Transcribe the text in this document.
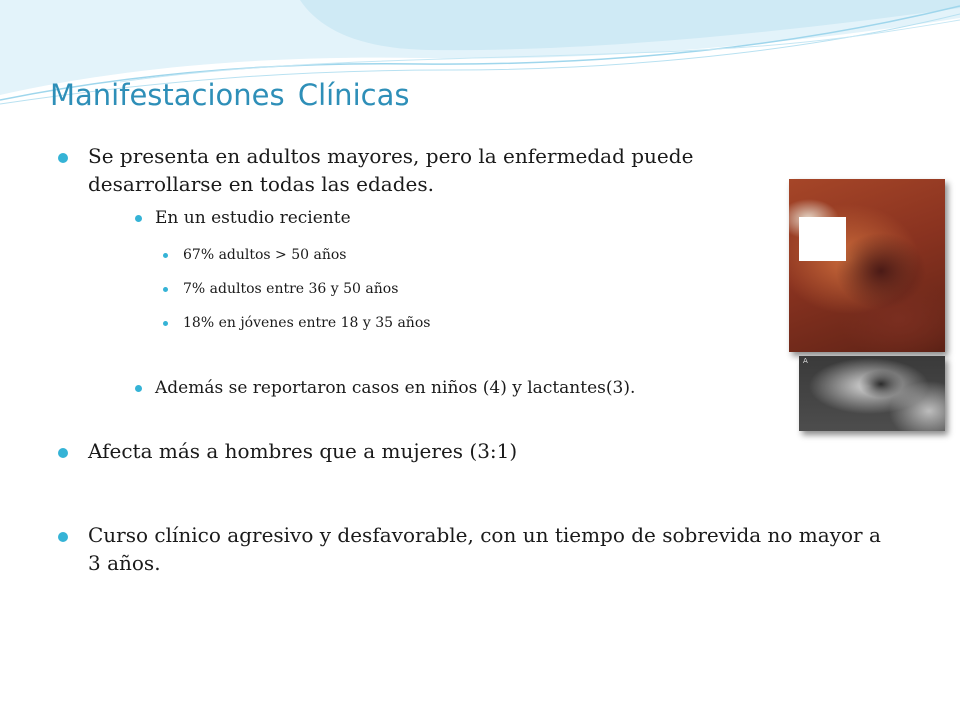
Manifestaciones Clínicas
Se presenta en adultos mayores, pero la enfermedad puede desarrollarse en todas las edades.
En un estudio reciente
67% adultos > 50 años
7% adultos entre 36 y 50 años
18% en jóvenes entre 18 y 35 años
Además se reportaron casos en niños (4) y lactantes(3).
Afecta más a hombres que a mujeres (3:1)
Curso clínico agresivo y desfavorable, con un tiempo de sobrevida no mayor a 3 años.
A
